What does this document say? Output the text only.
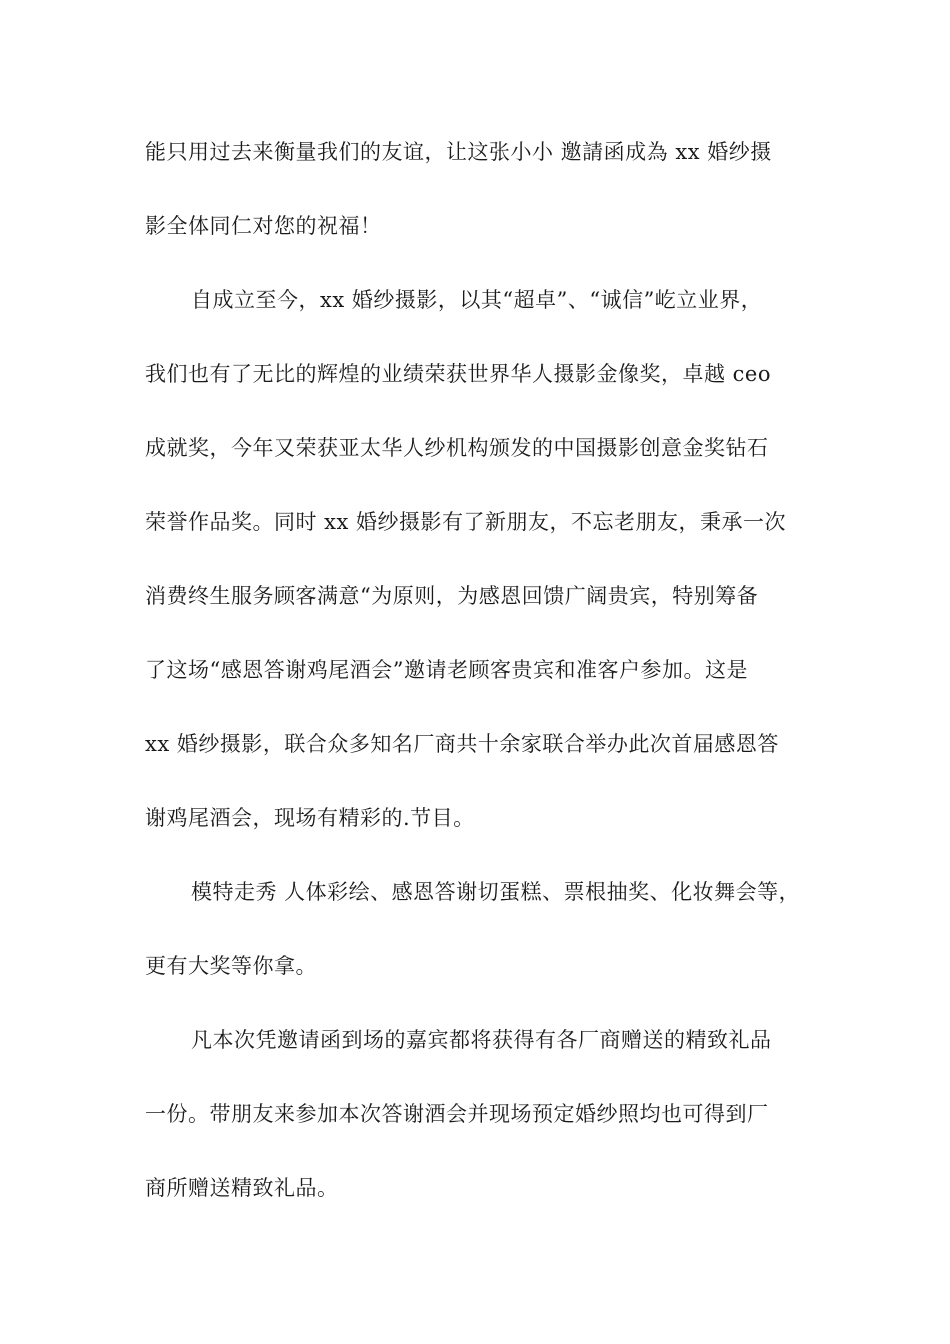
能只用过去来衡量我们的友谊，让这张小小 邀請函成為 xx 婚纱摄
影全体同仁对您的祝福！
自成立至今，xx 婚纱摄影，以其“超卓”、“诚信”屹立业界，
我们也有了无比的辉煌的业绩荣获世界华人摄影金像奖，卓越 ceo
成就奖，今年又荣获亚太华人纱机构颁发的中国摄影创意金奖钻石
荣誉作品奖。同时 xx 婚纱摄影有了新朋友，不忘老朋友，秉承一次
消费终生服务顾客满意“为原则，为感恩回馈广阔贵宾，特别筹备
了这场“感恩答谢鸡尾酒会”邀请老顾客贵宾和准客户参加。这是
xx 婚纱摄影，联合众多知名厂商共十余家联合举办此次首届感恩答
谢鸡尾酒会，现场有精彩的.节目。
模特走秀 人体彩绘、感恩答谢切蛋糕、票根抽奖、化妆舞会等，
更有大奖等你拿。
凡本次凭邀请函到场的嘉宾都将获得有各厂商赠送的精致礼品
一份。带朋友来参加本次答谢酒会并现场预定婚纱照均也可得到厂
商所赠送精致礼品。
